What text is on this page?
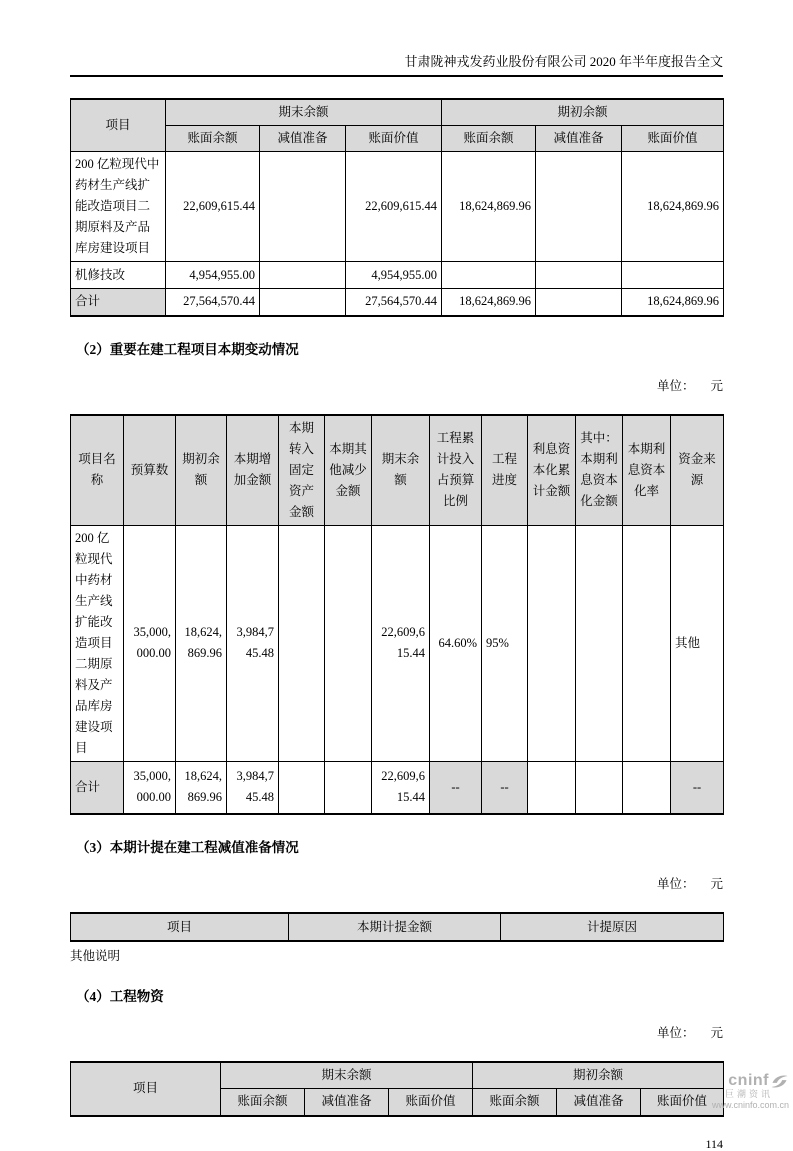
甘肃陇神戎发药业股份有限公司 2020 年半年度报告全文
项目	期末余额			期初余额		
	账面余额	减值准备	账面价值	账面余额	减值准备	账面价值
200 亿粒现代中药材生产线扩能改造项目二期原料及产品库房建设项目	22,609,615.44		22,609,615.44	18,624,869.96		18,624,869.96
机修技改	4,954,955.00		4,954,955.00			
合计	27,564,570.44		27,564,570.44	18,624,869.96		18,624,869.96
（2）重要在建工程项目本期变动情况
单位： 元
项目名称	预算数	期初余额	本期增加金额	本期转入固定资产金额	本期其他减少金额	期末余额	工程累计投入占预算比例	工程进度	利息资本化累计金额	其中：本期利息资本化金额	本期利息资本化率	资金来源
200 亿粒现代中药材生产线扩能改造项目二期原料及产品库房建设项目	35,000,000.00	18,624,869.96	3,984,745.48			22,609,615.44	64.60%	95%				其他
合计	35,000,000.00	18,624,869.96	3,984,745.48			22,609,615.44	--	--				--
（3）本期计提在建工程减值准备情况
单位： 元
项目	本期计提金额	计提原因
其他说明
（4）工程物资
单位： 元
项目	期末余额			期初余额		
	账面余额	减值准备	账面价值	账面余额	减值准备	账面价值
114
cninf
巨潮资讯
www.cninfo.com.cn
